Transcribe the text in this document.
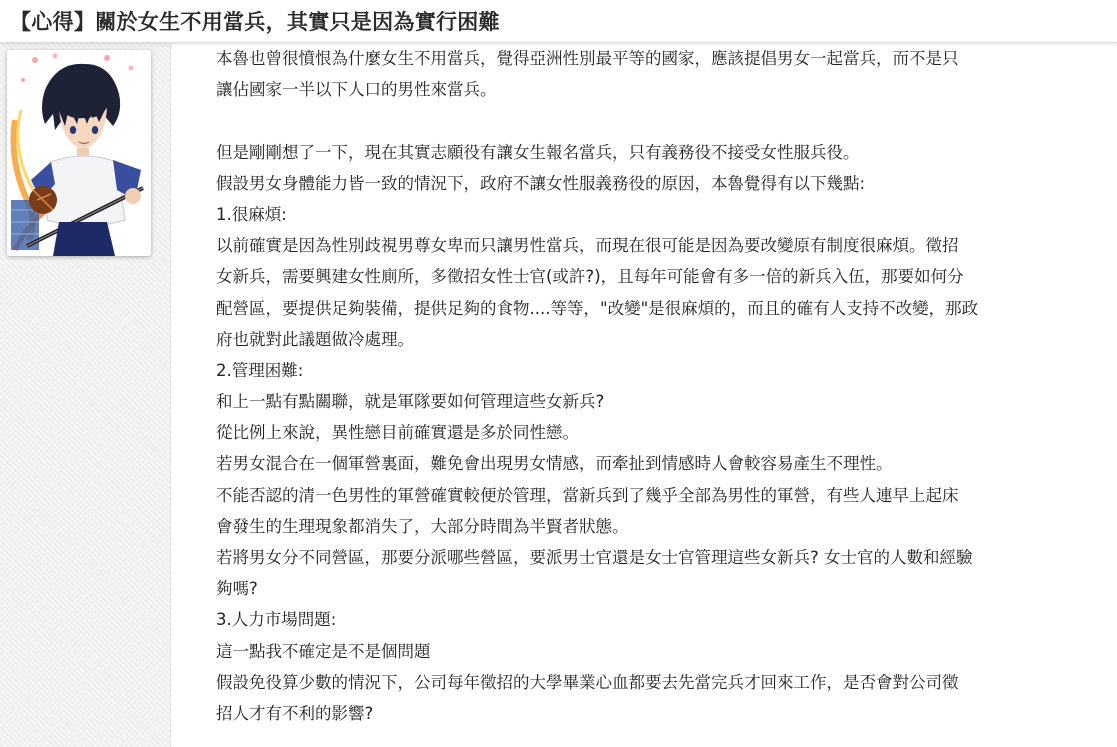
【心得】關於女生不用當兵，其實只是因為實行困難
本魯也曾很憤恨為什麼女生不用當兵，覺得亞洲性別最平等的國家，應該提倡男女一起當兵，而不是只
讓佔國家一半以下人口的男性來當兵。
但是剛剛想了一下，現在其實志願役有讓女生報名當兵，只有義務役不接受女性服兵役。
假設男女身體能力皆一致的情況下，政府不讓女性服義務役的原因，本魯覺得有以下幾點:
1.很麻煩:
以前確實是因為性別歧視男尊女卑而只讓男性當兵，而現在很可能是因為要改變原有制度很麻煩。徵招
女新兵，需要興建女性廁所，多徵招女性士官(或許?)，且每年可能會有多一倍的新兵入伍，那要如何分
配營區，要提供足夠裝備，提供足夠的食物....等等，"改變"是很麻煩的，而且的確有人支持不改變，那政
府也就對此議題做冷處理。
2.管理困難:
和上一點有點關聯，就是軍隊要如何管理這些女新兵?
從比例上來說，異性戀目前確實還是多於同性戀。
若男女混合在一個軍營裏面，難免會出現男女情感，而牽扯到情感時人會較容易產生不理性。
不能否認的清一色男性的軍營確實較便於管理，當新兵到了幾乎全部為男性的軍營，有些人連早上起床
會發生的生理現象都消失了，大部分時間為半賢者狀態。
若將男女分不同營區，那要分派哪些營區，要派男士官還是女士官管理這些女新兵? 女士官的人數和經驗
夠嗎?
3.人力市場問題:
這一點我不確定是不是個問題
假設免役算少數的情況下，公司每年徵招的大學畢業心血都要去先當完兵才回來工作，是否會對公司徵
招人才有不利的影響?
